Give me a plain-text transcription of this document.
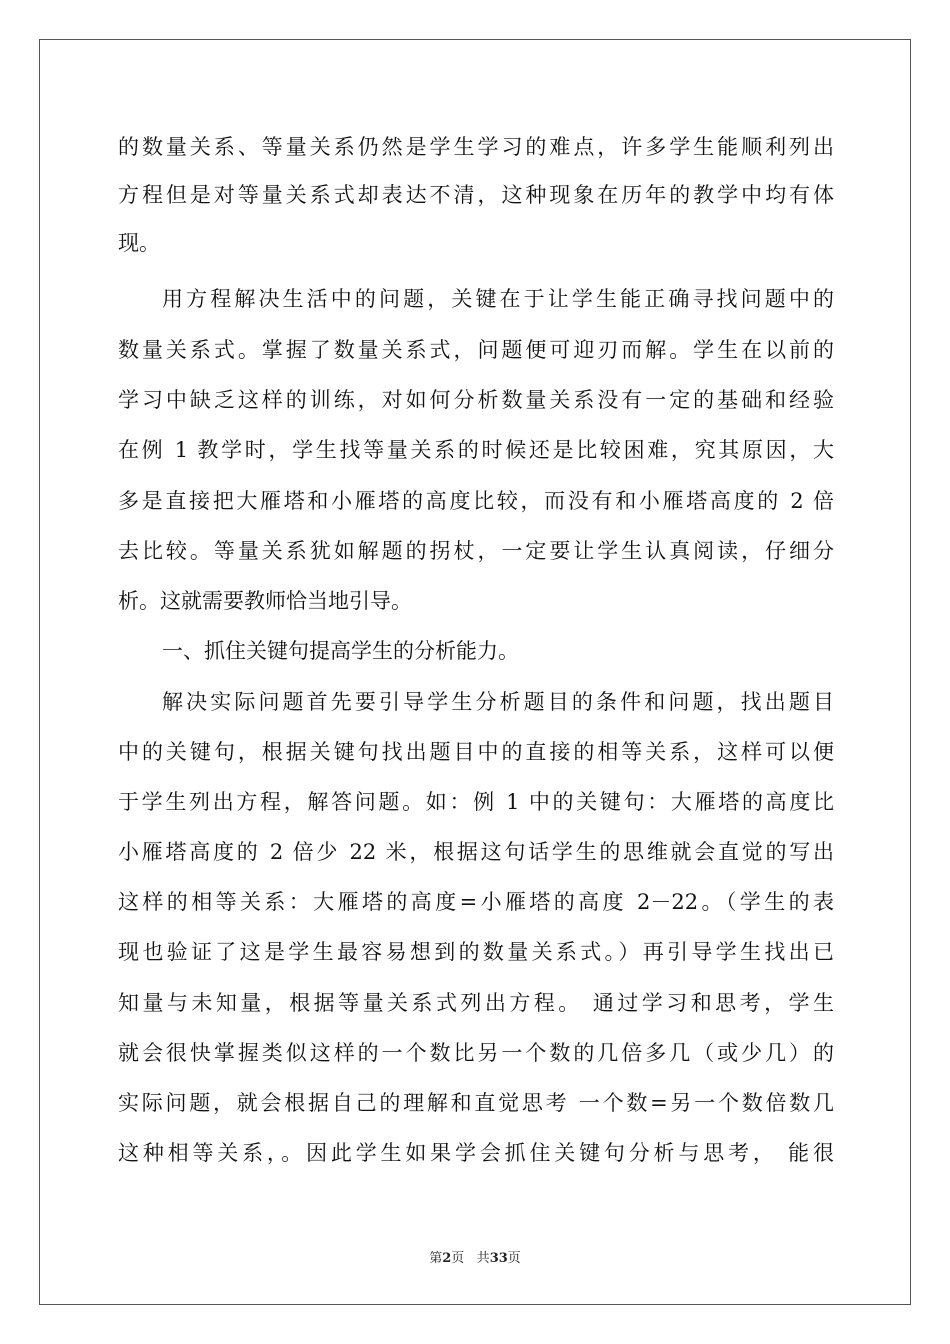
的数量关系、等量关系仍然是学生学习的难点，许多学生能顺利列出
方程但是对等量关系式却表达不清，这种现象在历年的教学中均有体
现。
用方程解决生活中的问题，关键在于让学生能正确寻找问题中的
数量关系式。掌握了数量关系式，问题便可迎刃而解。学生在以前的
学习中缺乏这样的训练，对如何分析数量关系没有一定的基础和经验
在例 1 教学时，学生找等量关系的时候还是比较困难，究其原因，大
多是直接把大雁塔和小雁塔的高度比较，而没有和小雁塔高度的 2 倍
去比较。等量关系犹如解题的拐杖，一定要让学生认真阅读，仔细分
析。这就需要教师恰当地引导。
一、抓住关键句提高学生的分析能力。
解决实际问题首先要引导学生分析题目的条件和问题，找出题目
中的关键句，根据关键句找出题目中的直接的相等关系，这样可以便
于学生列出方程，解答问题。如：例 1 中的关键句：大雁塔的高度比
小雁塔高度的 2 倍少 22 米，根据这句话学生的思维就会直觉的写出
这样的相等关系：大雁塔的高度=小雁塔的高度 2－22。（学生的表
现也验证了这是学生最容易想到的数量关系式。）再引导学生找出已
知量与未知量，根据等量关系式列出方程。 通过学习和思考，学生
就会很快掌握类似这样的一个数比另一个数的几倍多几（或少几）的
实际问题，就会根据自己的理解和直觉思考 一个数=另一个数倍数几
这种相等关系，。因此学生如果学会抓住关键句分析与思考， 能很
第2页 共33页
